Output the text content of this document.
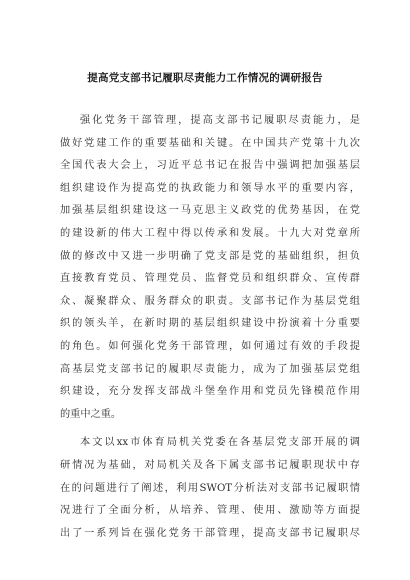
提高党支部书记履职尽责能力工作情况的调研报告
强化党务干部管理，提高支部书记履职尽责能力，是
做好党建工作的重要基础和关键。在中国共产党第十九次
全国代表大会上，习近平总书记在报告中强调把加强基层
组织建设作为提高党的执政能力和领导水平的重要内容，
加强基层组织建设这一马克思主义政党的优势基因，在党
的建设新的伟大工程中得以传承和发展。十九大对党章所
做的修改中又进一步明确了党支部是党的基础组织，担负
直接教育党员、管理党员、监督党员和组织群众、宣传群
众、凝聚群众、服务群众的职责。支部书记作为基层党组
织的领头羊，在新时期的基层组织建设中扮演着十分重要
的角色。如何强化党务干部管理，如何通过有效的手段提
高基层党支部书记的履职尽责能力，成为了加强基层党组
织建设，充分发挥支部战斗堡垒作用和党员先锋模范作用
的重中之重。
本文以xx市体育局机关党委在各基层党支部开展的调
研情况为基础，对局机关及各下属支部书记履职现状中存
在的问题进行了阐述，利用SWOT分析法对支部书记履职情
况进行了全面分析，从培养、管理、使用、激励等方面提
出了一系列旨在强化党务干部管理，提高支部书记履职尽
